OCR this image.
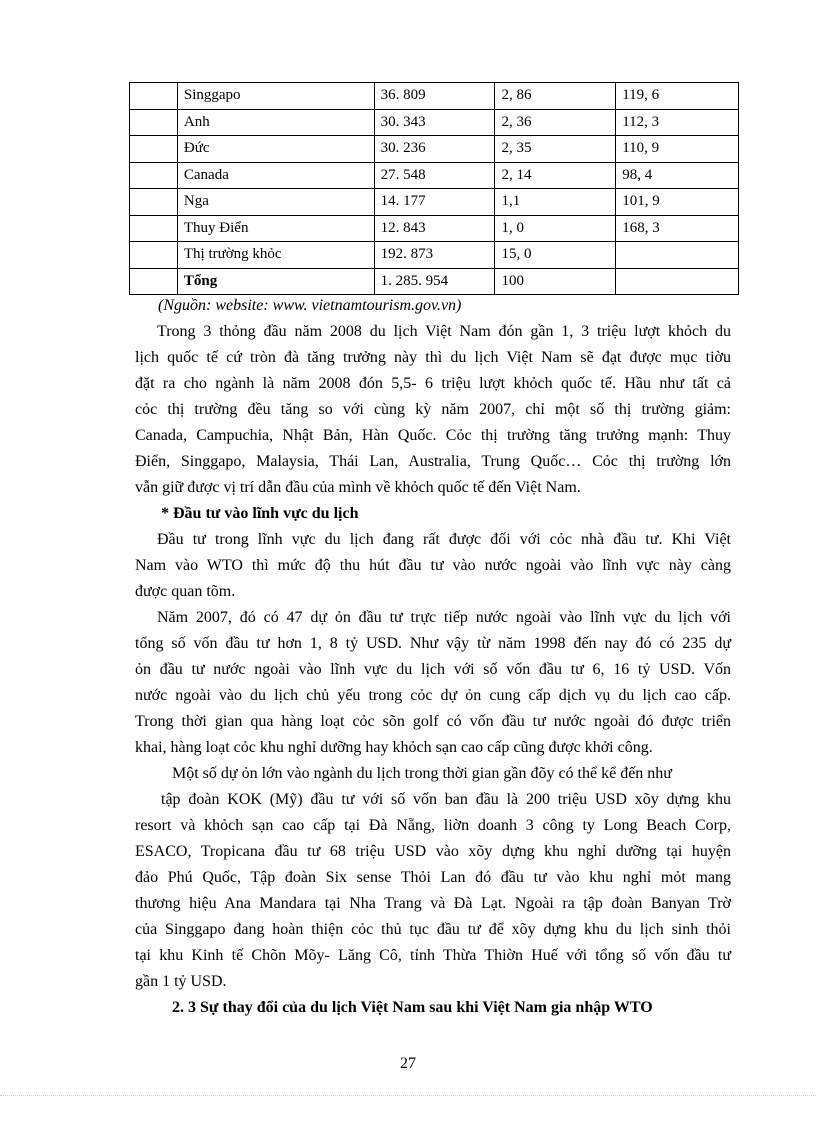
	Singgapo	36. 809	2, 86	119, 6
	Anh	30. 343	2, 36	112, 3
	Đức	30. 236	2, 35	110, 9
	Canada	27. 548	2, 14	98, 4
	Nga	14. 177	1,1	101, 9
	Thuy Điển	12. 843	1, 0	168, 3
	Thị trường khỏc	192. 873	15, 0	
	Tổng	1. 285. 954	100	
(Nguồn: website: www. vietnamtourism.gov.vn)

Trong 3 thỏng đầu năm 2008 du lịch Việt Nam đón gần 1, 3 triệu lượt khỏch du

lịch quốc tế cứ tròn đà tăng trưởng này thì du lịch Việt Nam sẽ đạt được mục tiờu

đặt ra cho ngành là năm 2008 đón 5,5- 6 triệu lượt khỏch quốc tế. Hầu như tất cả

cỏc thị trường đều tăng so với cùng kỳ năm 2007, chỉ một số thị trường giảm:

Canada, Campuchia, Nhật Bản, Hàn Quốc. Cỏc thị trường tăng trưởng mạnh: Thuy

Điển, Singgapo, Malaysia, Thái Lan, Australia, Trung Quốc… Cỏc thị trường lớn

vẫn giữ được vị trí dẫn đầu của mình về khỏch quốc tế đến Việt Nam.

* Đầu tư vào lĩnh vực du lịch

Đầu tư trong lĩnh vực du lịch đang rất được đối với cỏc nhà đầu tư. Khi Việt

Nam vào WTO thì mức độ thu hút đầu tư vào nước ngoài vào lĩnh vực này càng

được quan tõm.

Năm 2007, đó có 47 dự ỏn đầu tư trực tiếp nước ngoài vào lĩnh vực du lịch với

tổng số vốn đầu tư hơn 1, 8 tỷ USD. Như vậy từ năm 1998 đến nay đó có 235 dự

ỏn đầu tư nước ngoài vào lĩnh vực du lịch với số vốn đầu tư 6, 16 tỷ USD. Vốn

nước ngoài vào du lịch chủ yếu trong cỏc dự ỏn cung cấp dịch vụ du lịch cao cấp.

Trong thời gian qua hàng loạt cỏc sõn golf có vốn đầu tư nước ngoài đó được triển

khai, hàng loạt cỏc khu nghỉ dưỡng hay khỏch sạn cao cấp cũng được khởi công.

Một số dự ỏn lớn vào ngành du lịch trong thời gian gần đõy có thể kể đến như

tập đoàn KOK (Mỹ) đầu tư với số vốn ban đầu là 200 triệu USD xõy dựng khu

resort và khỏch sạn cao cấp tại Đà Nẵng, liờn doanh 3 công ty Long Beach Corp,

ESACO, Tropicana đầu tư 68 triệu USD vào xõy dựng khu nghỉ dưỡng tại huyện

đảo Phú Quốc, Tập đoàn Six sense Thỏi Lan đó đầu tư vào khu nghỉ mỏt mang

thương hiệu Ana Mandara tại Nha Trang và Đà Lạt. Ngoài ra tập đoàn Banyan Trờ

của Singgapo đang hoàn thiện cỏc thủ tục đầu tư để xõy dựng khu du lịch sinh thỏi

tại khu Kinh tế Chõn Mõy- Lăng Cô, tỉnh Thừa Thiờn Huế với tổng số vốn đầu tư

gần 1 tỷ USD.

2. 3 Sự thay đổi của du lịch Việt Nam sau khi Việt Nam gia nhập WTO
27
